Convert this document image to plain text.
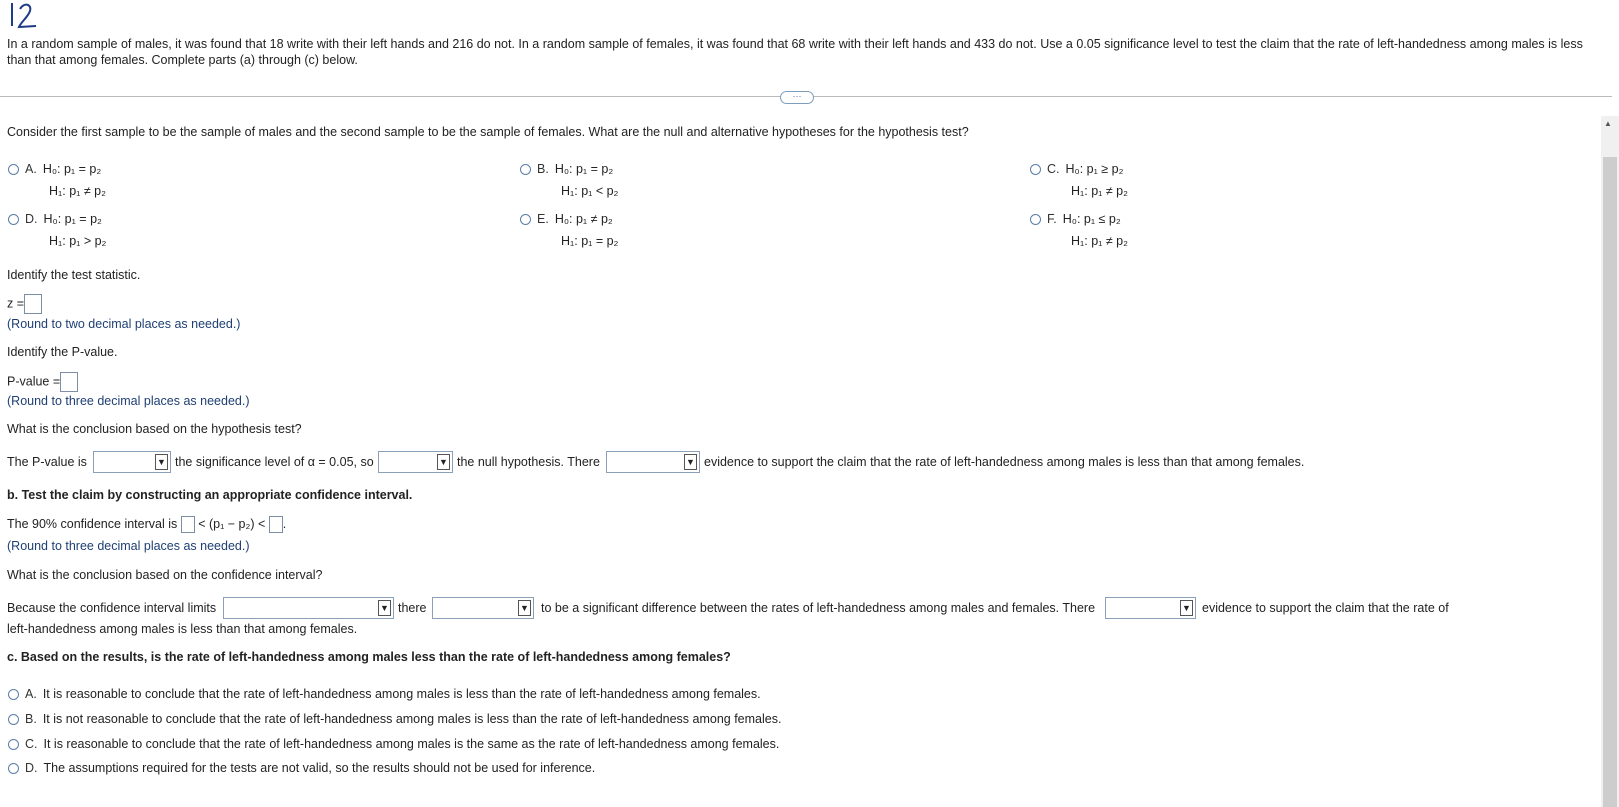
In a random sample of males, it was found that 18 write with their left hands and 216 do not. In a random sample of females, it was found that 68 write with their left hands and 433 do not. Use a 0.05 significance level to test the claim that the rate of left-handedness among males is less than that among females. Complete parts (a) through (c) below.
···
▲
Consider the first sample to be the sample of males and the second sample to be the sample of females. What are the null and alternative hypotheses for the hypothesis test?
A. H₀: p₁ = p₂
H₁: p₁ ≠ p₂
B. H₀: p₁ = p₂
H₁: p₁ < p₂
C. H₀: p₁ ≥ p₂
H₁: p₁ ≠ p₂
D. H₀: p₁ = p₂
H₁: p₁ > p₂
E. H₀: p₁ ≠ p₂
H₁: p₁ = p₂
F. H₀: p₁ ≤ p₂
H₁: p₁ ≠ p₂
Identify the test statistic.
z =
(Round to two decimal places as needed.)
Identify the P-value.
P-value =
(Round to three decimal places as needed.)
What is the conclusion based on the hypothesis test?
The P-value is	▼ the significance level of α = 0.05, so	▼ the null hypothesis. There	▼ evidence to support the claim that the rate of left-handedness among males is less than that among females.
b. Test the claim by constructing an appropriate confidence interval.
The 90% confidence interval is < (p₁ − p₂) < .
(Round to three decimal places as needed.)
What is the conclusion based on the confidence interval?
Because the confidence interval limits	▼ there	▼ to be a significant difference between the rates of left-handedness among males and females. There	▼ evidence to support the claim that the rate of
left-handedness among males is less than that among females.
c. Based on the results, is the rate of left-handedness among males less than the rate of left-handedness among females?
A. It is reasonable to conclude that the rate of left-handedness among males is less than the rate of left-handedness among females.
B. It is not reasonable to conclude that the rate of left-handedness among males is less than the rate of left-handedness among females.
C. It is reasonable to conclude that the rate of left-handedness among males is the same as the rate of left-handedness among females.
D. The assumptions required for the tests are not valid, so the results should not be used for inference.
